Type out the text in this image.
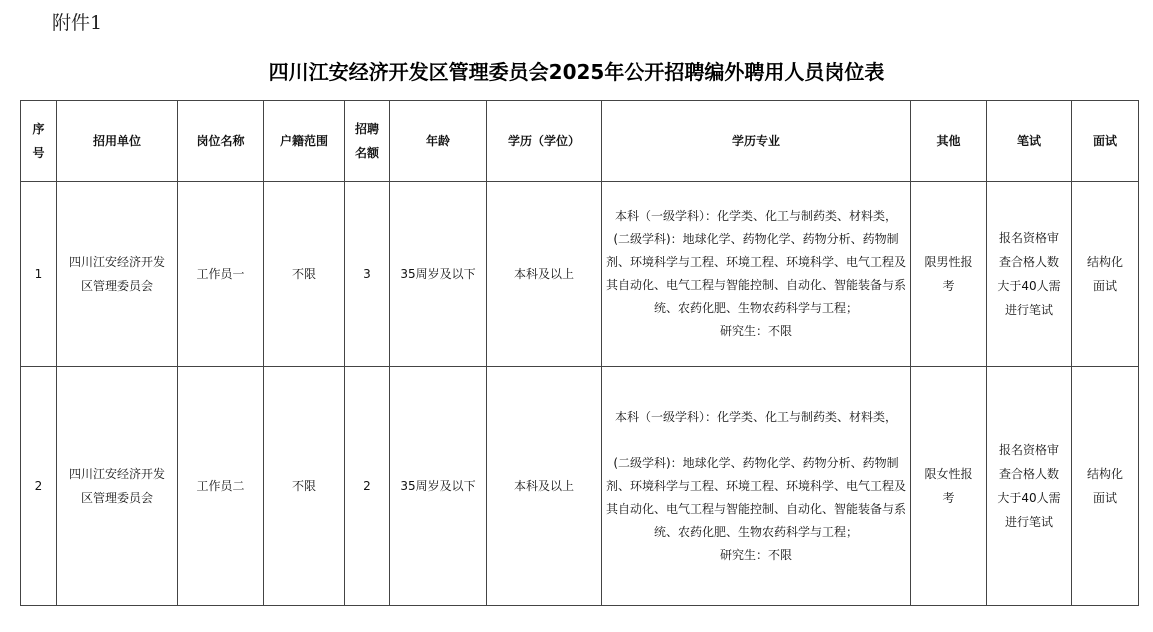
附件1
四川江安经济开发区管理委员会2025年公开招聘编外聘用人员岗位表
序号	招用单位	岗位名称	户籍范围	招聘名额	年龄	学历（学位）	学历专业	其他	笔试	面试
1	四川江安经济开发区管理委员会	工作员一	不限	3	35周岁及以下	本科及以上	本科（一级学科）：化学类、化工与制药类、材料类，
(二级学科)：地球化学、药物化学、药物分析、药物制剂、环境科学与工程、环境工程、环境科学、电气工程及其自动化、电气工程与智能控制、自动化、智能装备与系统、农药化肥、生物农药科学与工程；
研究生：不限	限男性报考	报名资格审查合格人数大于40人需进行笔试	结构化面试
2	四川江安经济开发区管理委员会	工作员二	不限	2	35周岁及以下	本科及以上	本科（一级学科）：化学类、化工与制药类、材料类，
(二级学科)：地球化学、药物化学、药物分析、药物制剂、环境科学与工程、环境工程、环境科学、电气工程及其自动化、电气工程与智能控制、自动化、智能装备与系统、农药化肥、生物农药科学与工程；
研究生：不限	限女性报考	报名资格审查合格人数大于40人需进行笔试	结构化面试
